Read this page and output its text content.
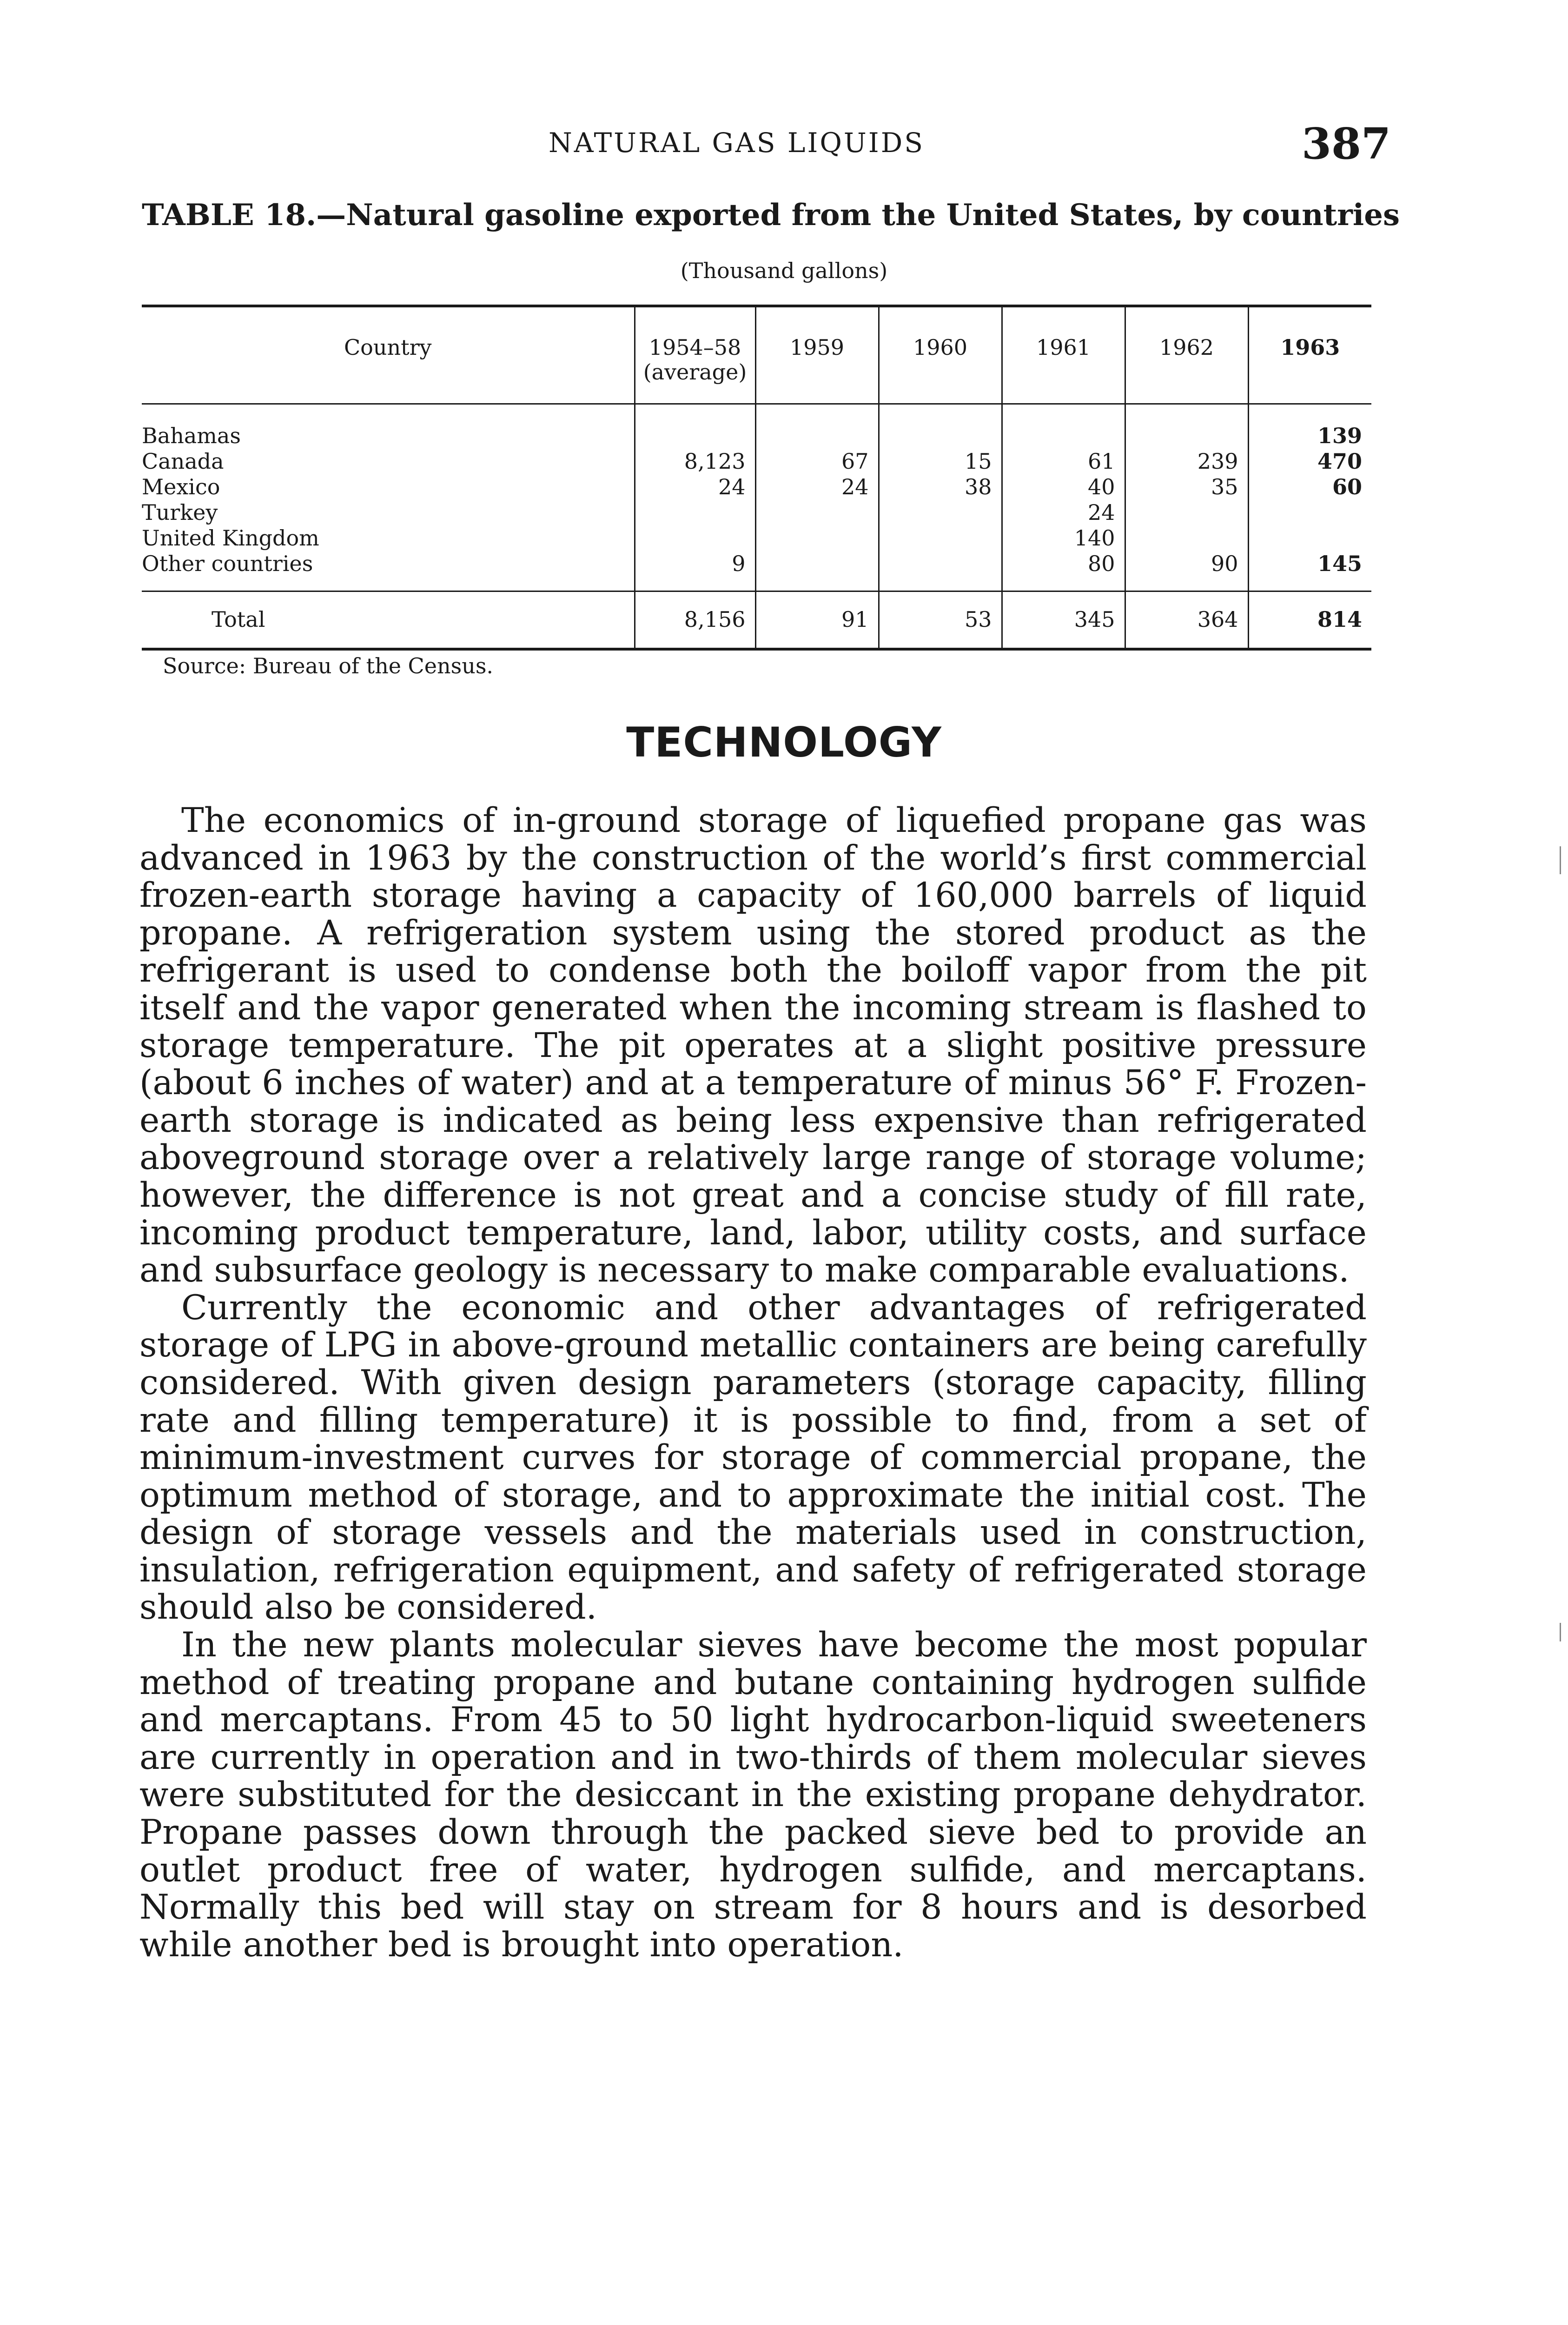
NATURAL GAS LIQUIDS	387
TABLE 18.—Natural gasoline exported from the United States, by countries
(Thousand gallons)
Country	1954–58 (average)	1959	1960	1961	1962	1963
Bahamas						139
Canada	8,123	67	15	61	239	470
Mexico	24	24	38	40	35	60
Turkey				24		
United Kingdom				140		
Other countries	9			80	90	145
Total	8,156	91	53	345	364	814
Source: Bureau of the Census.
TECHNOLOGY

The economics of in-ground storage of liquefied propane gas was advanced in 1963 by the construction of the world’s first commercial frozen-earth storage having a capacity of 160,000 barrels of liquid propane. A refrigeration system using the stored product as the refrigerant is used to condense both the boiloff vapor from the pit itself and the vapor generated when the incoming stream is flashed to storage temperature. The pit operates at a slight positive pressure (about 6 inches of water) and at a temperature of minus 56° F. Frozen-earth storage is indicated as being less expensive than refrigerated aboveground storage over a relatively large range of storage volume; however, the difference is not great and a concise study of fill rate, incoming product temperature, land, labor, utility costs, and surface and subsurface geology is necessary to make comparable evaluations.

Currently the economic and other advantages of refrigerated storage of LPG in above-ground metallic containers are being carefully considered. With given design parameters (storage capacity, filling rate and filling temperature) it is possible to find, from a set of minimum-investment curves for storage of commercial propane, the optimum method of storage, and to approximate the initial cost. The design of storage vessels and the materials used in construction, insulation, refrigeration equipment, and safety of refrigerated storage should also be considered.

In the new plants molecular sieves have become the most popular method of treating propane and butane containing hydrogen sulfide and mercaptans. From 45 to 50 light hydrocarbon-liquid sweeteners are currently in operation and in two-thirds of them molecular sieves were substituted for the desiccant in the existing propane dehydrator. Propane passes down through the packed sieve bed to provide an outlet product free of water, hydrogen sulfide, and mercaptans. Normally this bed will stay on stream for 8 hours and is desorbed while another bed is brought into operation.
